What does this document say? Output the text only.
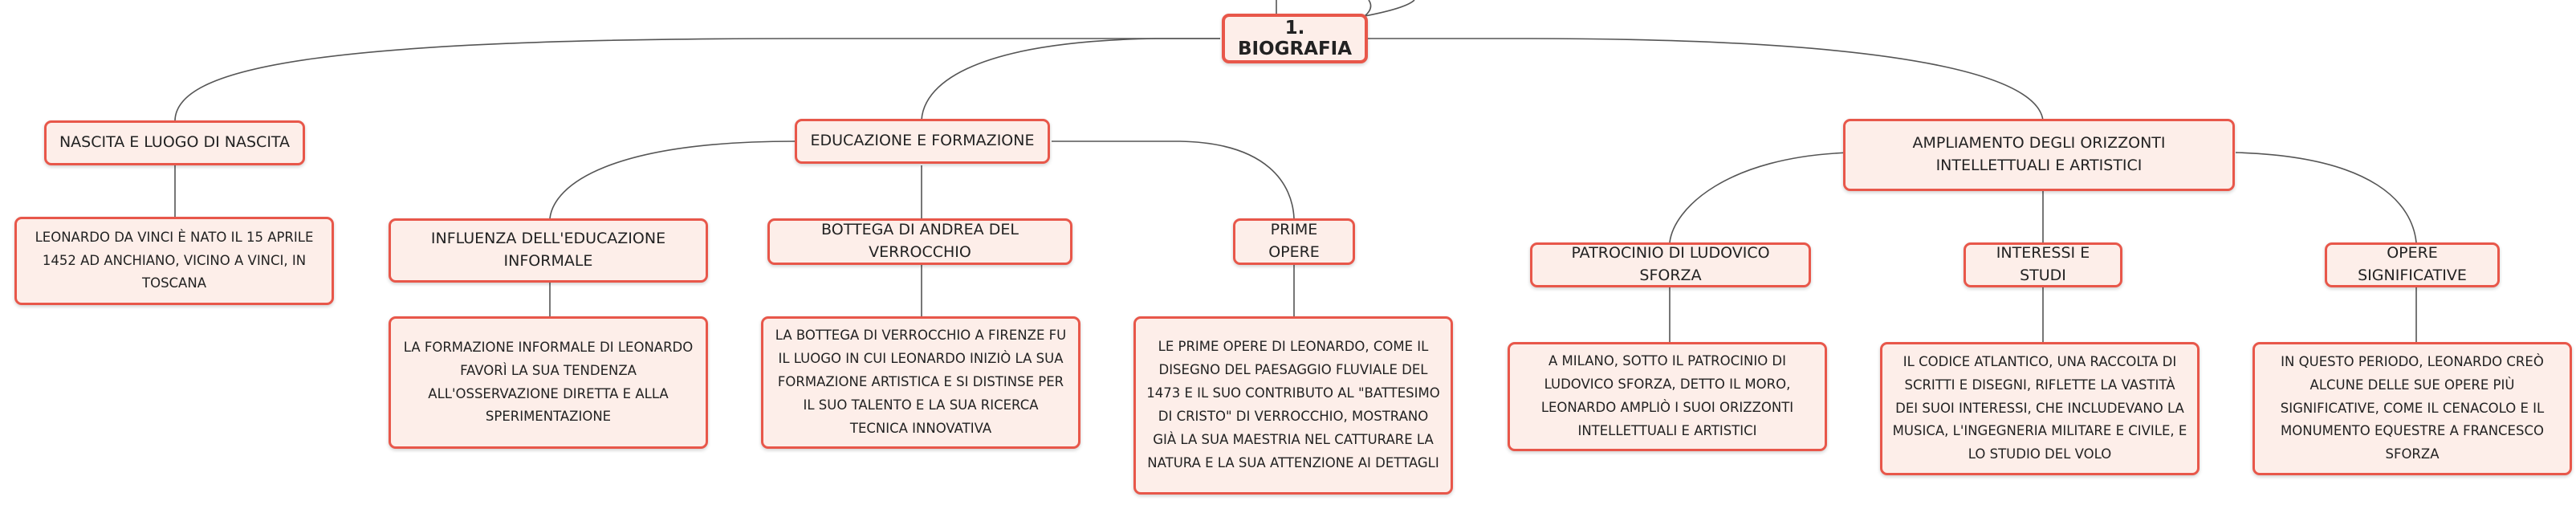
1. BIOGRAFIA
NASCITA E LUOGO DI NASCITA
LEONARDO DA VINCI È NATO IL 15 APRILE 1452 AD ANCHIANO, VICINO A VINCI, IN TOSCANA
EDUCAZIONE E FORMAZIONE
INFLUENZA DELL'EDUCAZIONE INFORMALE
LA FORMAZIONE INFORMALE DI LEONARDO FAVORÌ LA SUA TENDENZA ALL'OSSERVAZIONE DIRETTA E ALLA SPERIMENTAZIONE
BOTTEGA DI ANDREA DEL VERROCCHIO
LA BOTTEGA DI VERROCCHIO A FIRENZE FU IL LUOGO IN CUI LEONARDO INIZIÒ LA SUA FORMAZIONE ARTISTICA E SI DISTINSE PER IL SUO TALENTO E LA SUA RICERCA TECNICA INNOVATIVA
PRIME OPERE
LE PRIME OPERE DI LEONARDO, COME IL DISEGNO DEL PAESAGGIO FLUVIALE DEL 1473 E IL SUO CONTRIBUTO AL "BATTESIMO DI CRISTO" DI VERROCCHIO, MOSTRANO GIÀ LA SUA MAESTRIA NEL CATTURARE LA NATURA E LA SUA ATTENZIONE AI DETTAGLI
AMPLIAMENTO DEGLI ORIZZONTI INTELLETTUALI E ARTISTICI
PATROCINIO DI LUDOVICO SFORZA
A MILANO, SOTTO IL PATROCINIO DI LUDOVICO SFORZA, DETTO IL MORO, LEONARDO AMPLIÒ I SUOI ORIZZONTI INTELLETTUALI E ARTISTICI
INTERESSI E STUDI
IL CODICE ATLANTICO, UNA RACCOLTA DI SCRITTI E DISEGNI, RIFLETTE LA VASTITÀ DEI SUOI INTERESSI, CHE INCLUDEVANO LA MUSICA, L'INGEGNERIA MILITARE E CIVILE, E LO STUDIO DEL VOLO
OPERE SIGNIFICATIVE
IN QUESTO PERIODO, LEONARDO CREÒ ALCUNE DELLE SUE OPERE PIÙ SIGNIFICATIVE, COME IL CENACOLO E IL MONUMENTO EQUESTRE A FRANCESCO SFORZA
